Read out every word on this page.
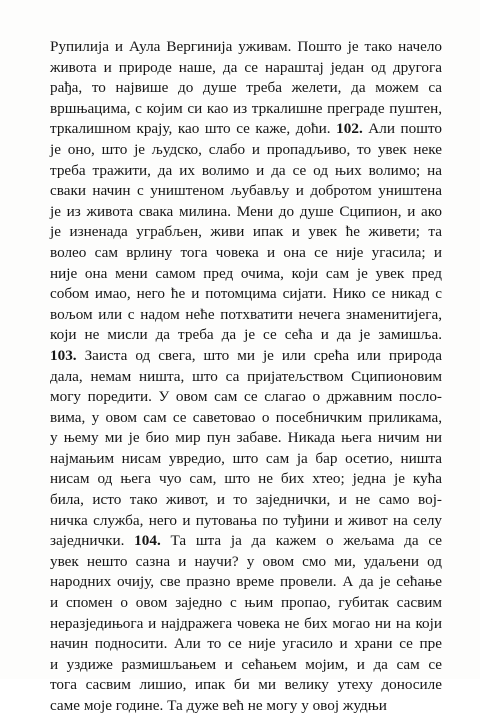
Рупилија и Аула Вергинија уживам. Пошто је тако начело
живота и природе наше, да се нараштај један од другога
рађа, то највише до душе треба желети, да можем са
вршњацима, с којим си као из тркалишне преграде пуштен,
тркалишном крају, као што се каже, доћи. 102. Али пошто
је оно, што је људско, слабо и пропадљиво, то увек неке
треба тражити, да их волимо и да се од њих волимо; на
сваки начин с уништеном љубављу и добротом уништена
је из живота свака милина. Мени до душе Сципион, и ако
је изненада уграбљен, живи ипак и увек ће живети; та
волео сам врлину тога човека и она се није угасила; и
није она мени самом пред очима, који сам је увек пред
собом имао, него ће и потомцима сијати. Нико се никад с
вољом или с надом неће потхватити нечега знаменитијега,
који не мисли да треба да је се сећа и да је замишља.
103. Заиста од свега, што ми је или срећа или природа
дала, немам ништа, што са пријатељством Сципионовим
могу поредити. У овом сам се слагао о државним посло-
вима, у овом сам се саветовао о посебничким приликама,
у њему ми је био мир пун забаве. Никада њега ничим ни
најмањим нисам увредио, што сам ја бар осетио, ништа
нисам од њега чуо сам, што не бих хтео; једна је кућа
била, исто тако живот, и то заједнички, и не само вој-
ничка служба, него и путовања по туђини и живот на селу
заједнички. 104. Та шта ја да кажем о жељама да се
увек нешто сазна и научи? у овом смо ми, удаљени од
народних очију, све празно време провели. А да је сећање
и спомен о овом заједно с њим пропао, губитак сасвим
неразједињога и најдражега човека не бих могао ни на који
начин подносити. Али то се није угасило и храни се пре
и уздиже размишљањем и сећањем мојим, и да сам се
тога сасвим лишио, ипак би ми велику утеху доносиле
саме моје године. Та дуже већ не могу у овој жудњи
